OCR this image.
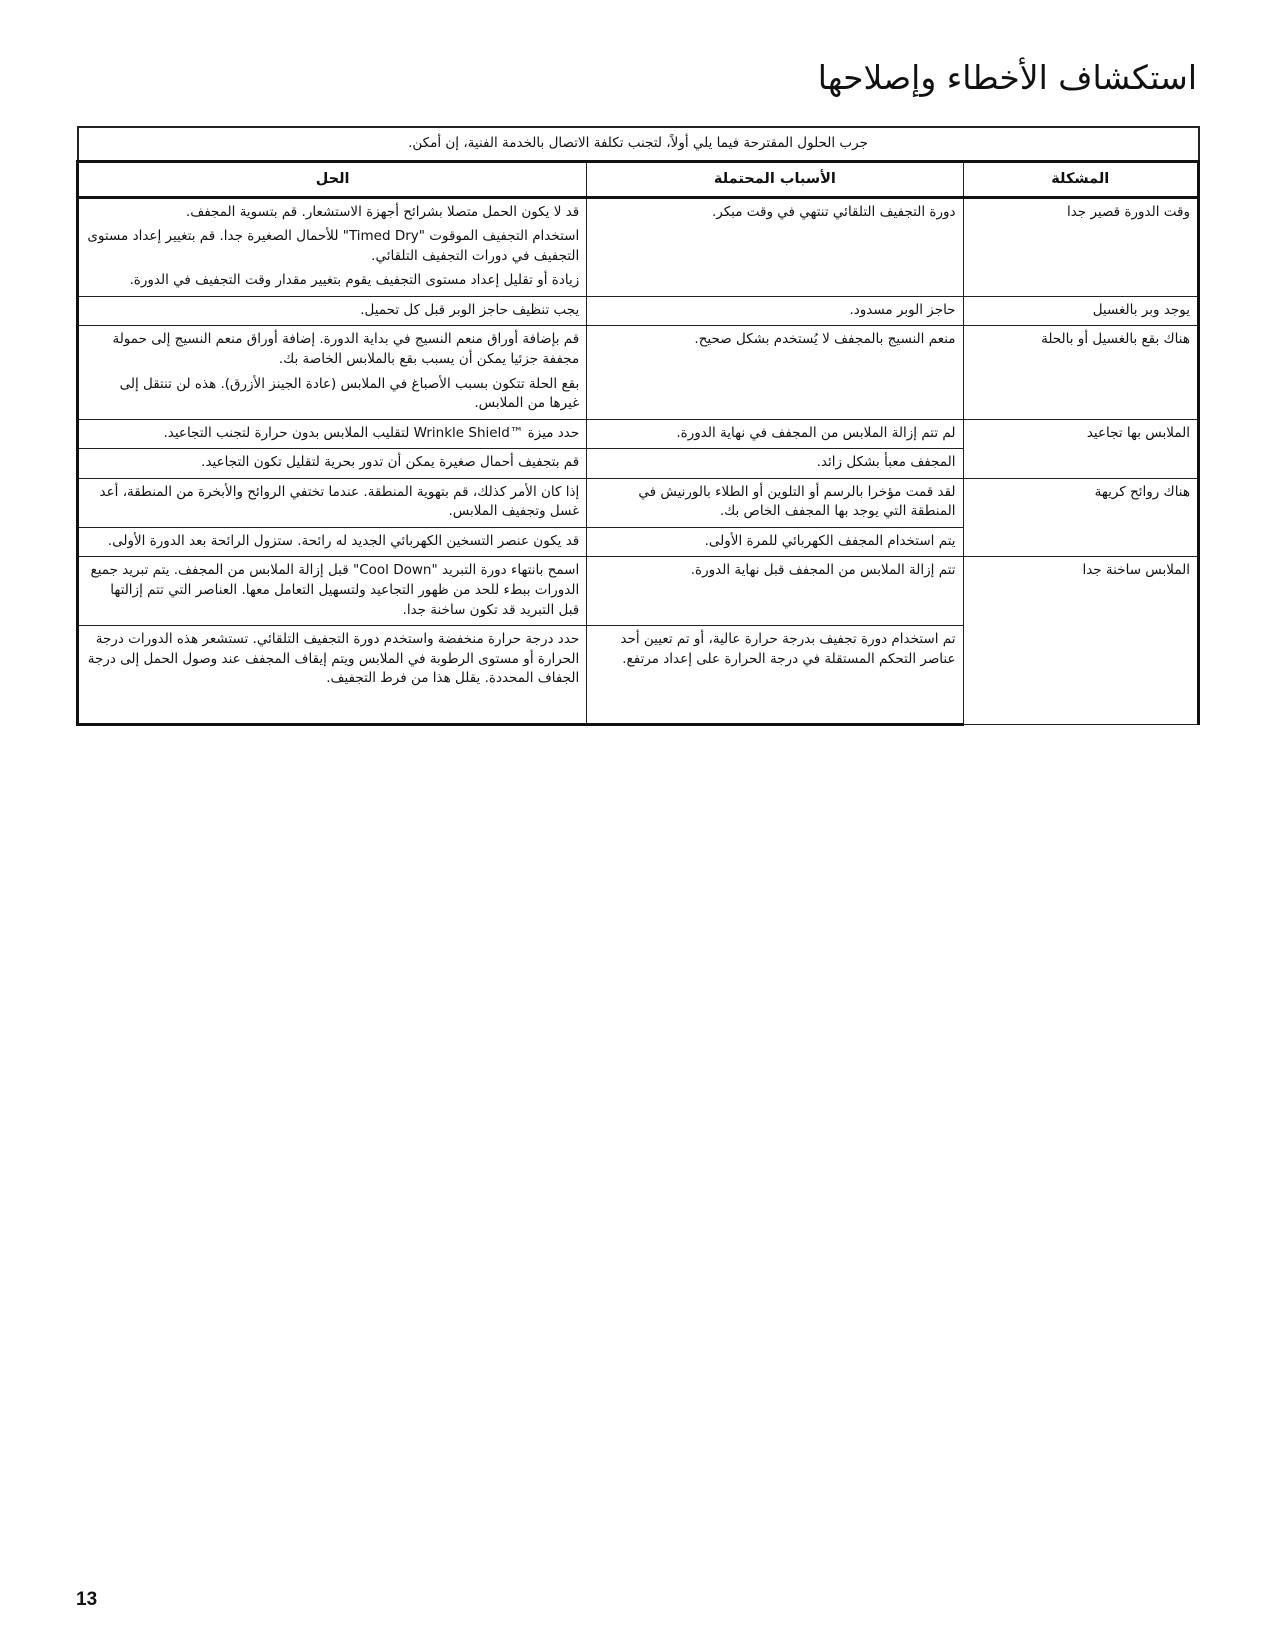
استكشاف الأخطاء وإصلاحها
جرب الحلول المقترحة فيما يلي أولاً، لتجنب تكلفة الاتصال بالخدمة الفنية، إن أمكن.		
المشكلة	الأسباب المحتملة	الحل
وقت الدورة قصير جدا	دورة التجفيف التلقائي تنتهي في وقت مبكر.	قد لا يكون الحمل متصلا بشرائح أجهزة الاستشعار. قم بتسوية المجفف.

استخدام التجفيف الموقوت "Timed Dry" للأحمال الصغيرة جدا. قم بتغيير إعداد مستوى التجفيف في دورات التجفيف التلقائي.

زيادة أو تقليل إعداد مستوى التجفيف يقوم بتغيير مقدار وقت التجفيف في الدورة.

يوجد وبر بالغسيل	حاجز الوبر مسدود.	يجب تنظيف حاجز الوبر قبل كل تحميل.

هناك بقع بالغسيل أو بالحلة	منعم النسيج بالمجفف لا يُستخدم بشكل صحيح.	قم بإضافة أوراق منعم النسيج في بداية الدورة. إضافة أوراق منعم النسيج إلى حمولة مجففة جزئيا يمكن أن يسبب بقع بالملابس الخاصة بك.

بقع الحلة تتكون بسبب الأصباغ في الملابس (عادة الجينز الأزرق). هذه لن تنتقل إلى غيرها من الملابس.

الملابس بها تجاعيد	لم تتم إزالة الملابس من المجفف في نهاية الدورة.	حدد ميزة ™Wrinkle Shield لتقليب الملابس بدون حرارة لتجنب التجاعيد.

	المجفف معبأ بشكل زائد.	قم بتجفيف أحمال صغيرة يمكن أن تدور بحرية لتقليل تكون التجاعيد.

هناك روائح كريهة	لقد قمت مؤخرا بالرسم أو التلوين أو الطلاء بالورنيش في المنطقة التي يوجد بها المجفف الخاص بك.	إذا كان الأمر كذلك، قم بتهوية المنطقة. عندما تختفي الروائح والأبخرة من المنطقة، أعد غسل وتجفيف الملابس.

	يتم استخدام المجفف الكهربائي للمرة الأولى.	قد يكون عنصر التسخين الكهربائي الجديد له رائحة. ستزول الرائحة بعد الدورة الأولى.

الملابس ساخنة جدا	تتم إزالة الملابس من المجفف قبل نهاية الدورة.	اسمح بانتهاء دورة التبريد "Cool Down" قبل إزالة الملابس من المجفف. يتم تبريد جميع الدورات ببطء للحد من ظهور التجاعيد ولتسهيل التعامل معها. العناصر التي تتم إزالتها قبل التبريد قد تكون ساخنة جدا.

	تم استخدام دورة تجفيف بدرجة حرارة عالية، أو تم تعيين أحد عناصر التحكم المستقلة في درجة الحرارة على إعداد مرتفع.	حدد درجة حرارة منخفضة واستخدم دورة التجفيف التلقائي. تستشعر هذه الدورات درجة الحرارة أو مستوى الرطوبة في الملابس ويتم إيقاف المجفف عند وصول الحمل إلى درجة الجفاف المحددة. يقلل هذا من فرط التجفيف.

13
